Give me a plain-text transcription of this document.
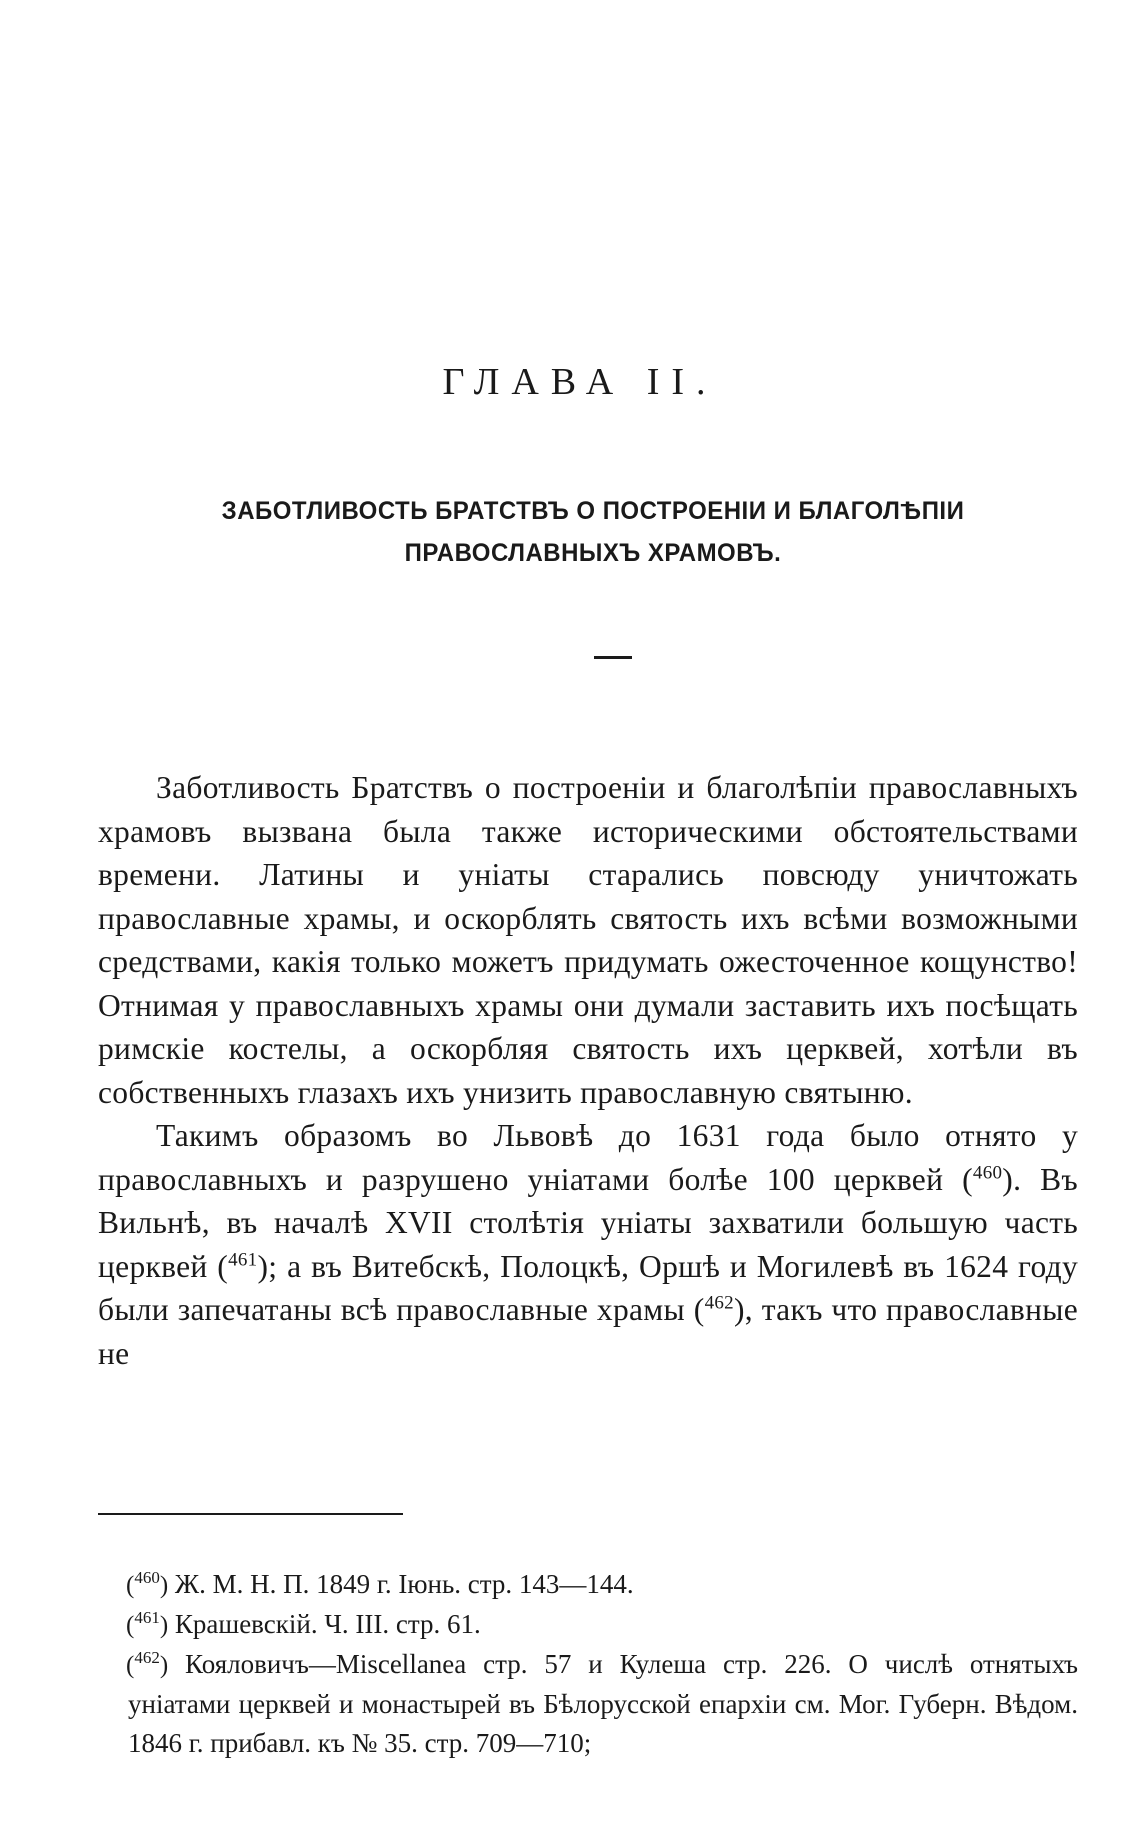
ГЛАВА II.
ЗАБОТЛИВОСТЬ БРАТСТВЪ О ПОСТРОЕНІИ И БЛАГОЛѢПІИ ПРАВОСЛАВНЫХЪ ХРАМОВЪ.

Заботливость Братствъ о построеніи и благолѣпіи православныхъ храмовъ вызвана была также историческими обстоятельствами времени. Латины и уніаты старались повсюду уничтожать православные храмы, и оскорблять святость ихъ всѣми возможными средствами, какія только можетъ придумать ожесточенное кощунство! Отнимая у православныхъ храмы они думали заставить ихъ посѣщать римскіе костелы, а оскорбляя святость ихъ церквей, хотѣли въ собственныхъ глазахъ ихъ унизить православную святыню.

Такимъ образомъ во Львовѣ до 1631 года было отнято у православныхъ и разрушено уніатами болѣе 100 церквей ($^{460}$). Въ Вильнѣ, въ началѣ XVII столѣтія уніаты захватили большую часть церквей ($^{461}$); а въ Витебскѣ, Полоцкѣ, Оршѣ и Могилевѣ въ 1624 году были запечатаны всѣ православные храмы ($^{462}$), такъ что православные не

($^{460}$) Ж. М. Н. П. 1849 г. Іюнь. стр. 143—144.

($^{461}$) Крашевскій. Ч. III. стр. 61.

($^{462}$) Кояловичъ—Miscellanea стр. 57 и Кулеша стр. 226. О числѣ отнятыхъ уніатами церквей и монастырей въ Бѣлорусской епархіи см. Мог. Губерн. Вѣдом. 1846 г. прибавл. къ № 35. стр. 709—710;
